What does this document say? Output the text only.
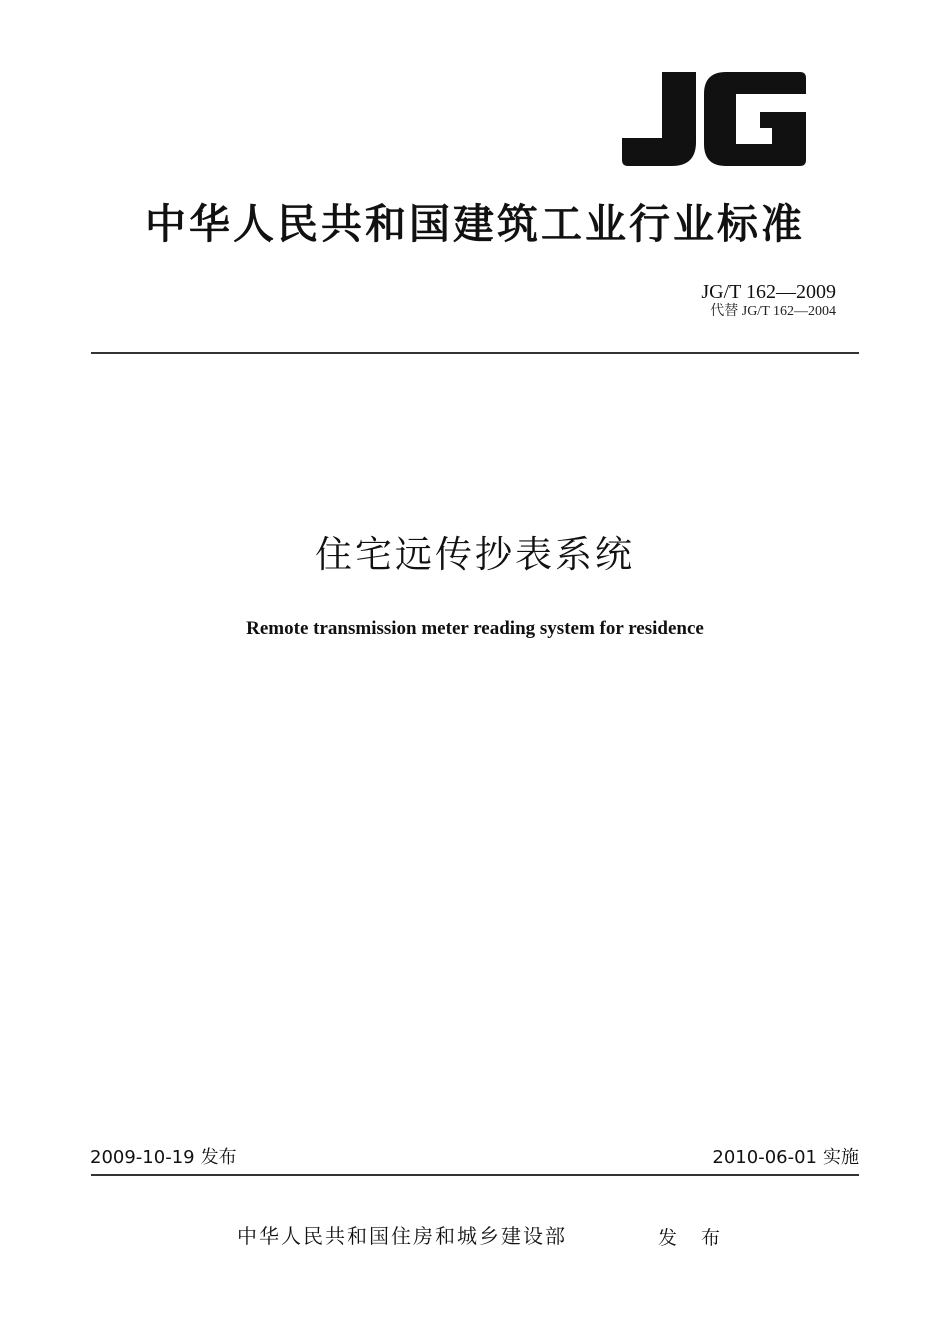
中华人民共和国建筑工业行业标准
JG/T 162—2009
代替 JG/T 162—2004
住宅远传抄表系统
Remote transmission meter reading system for residence
2009-10-19 发布	2010-06-01 实施
中华人民共和国住房和城乡建设部	发 布
